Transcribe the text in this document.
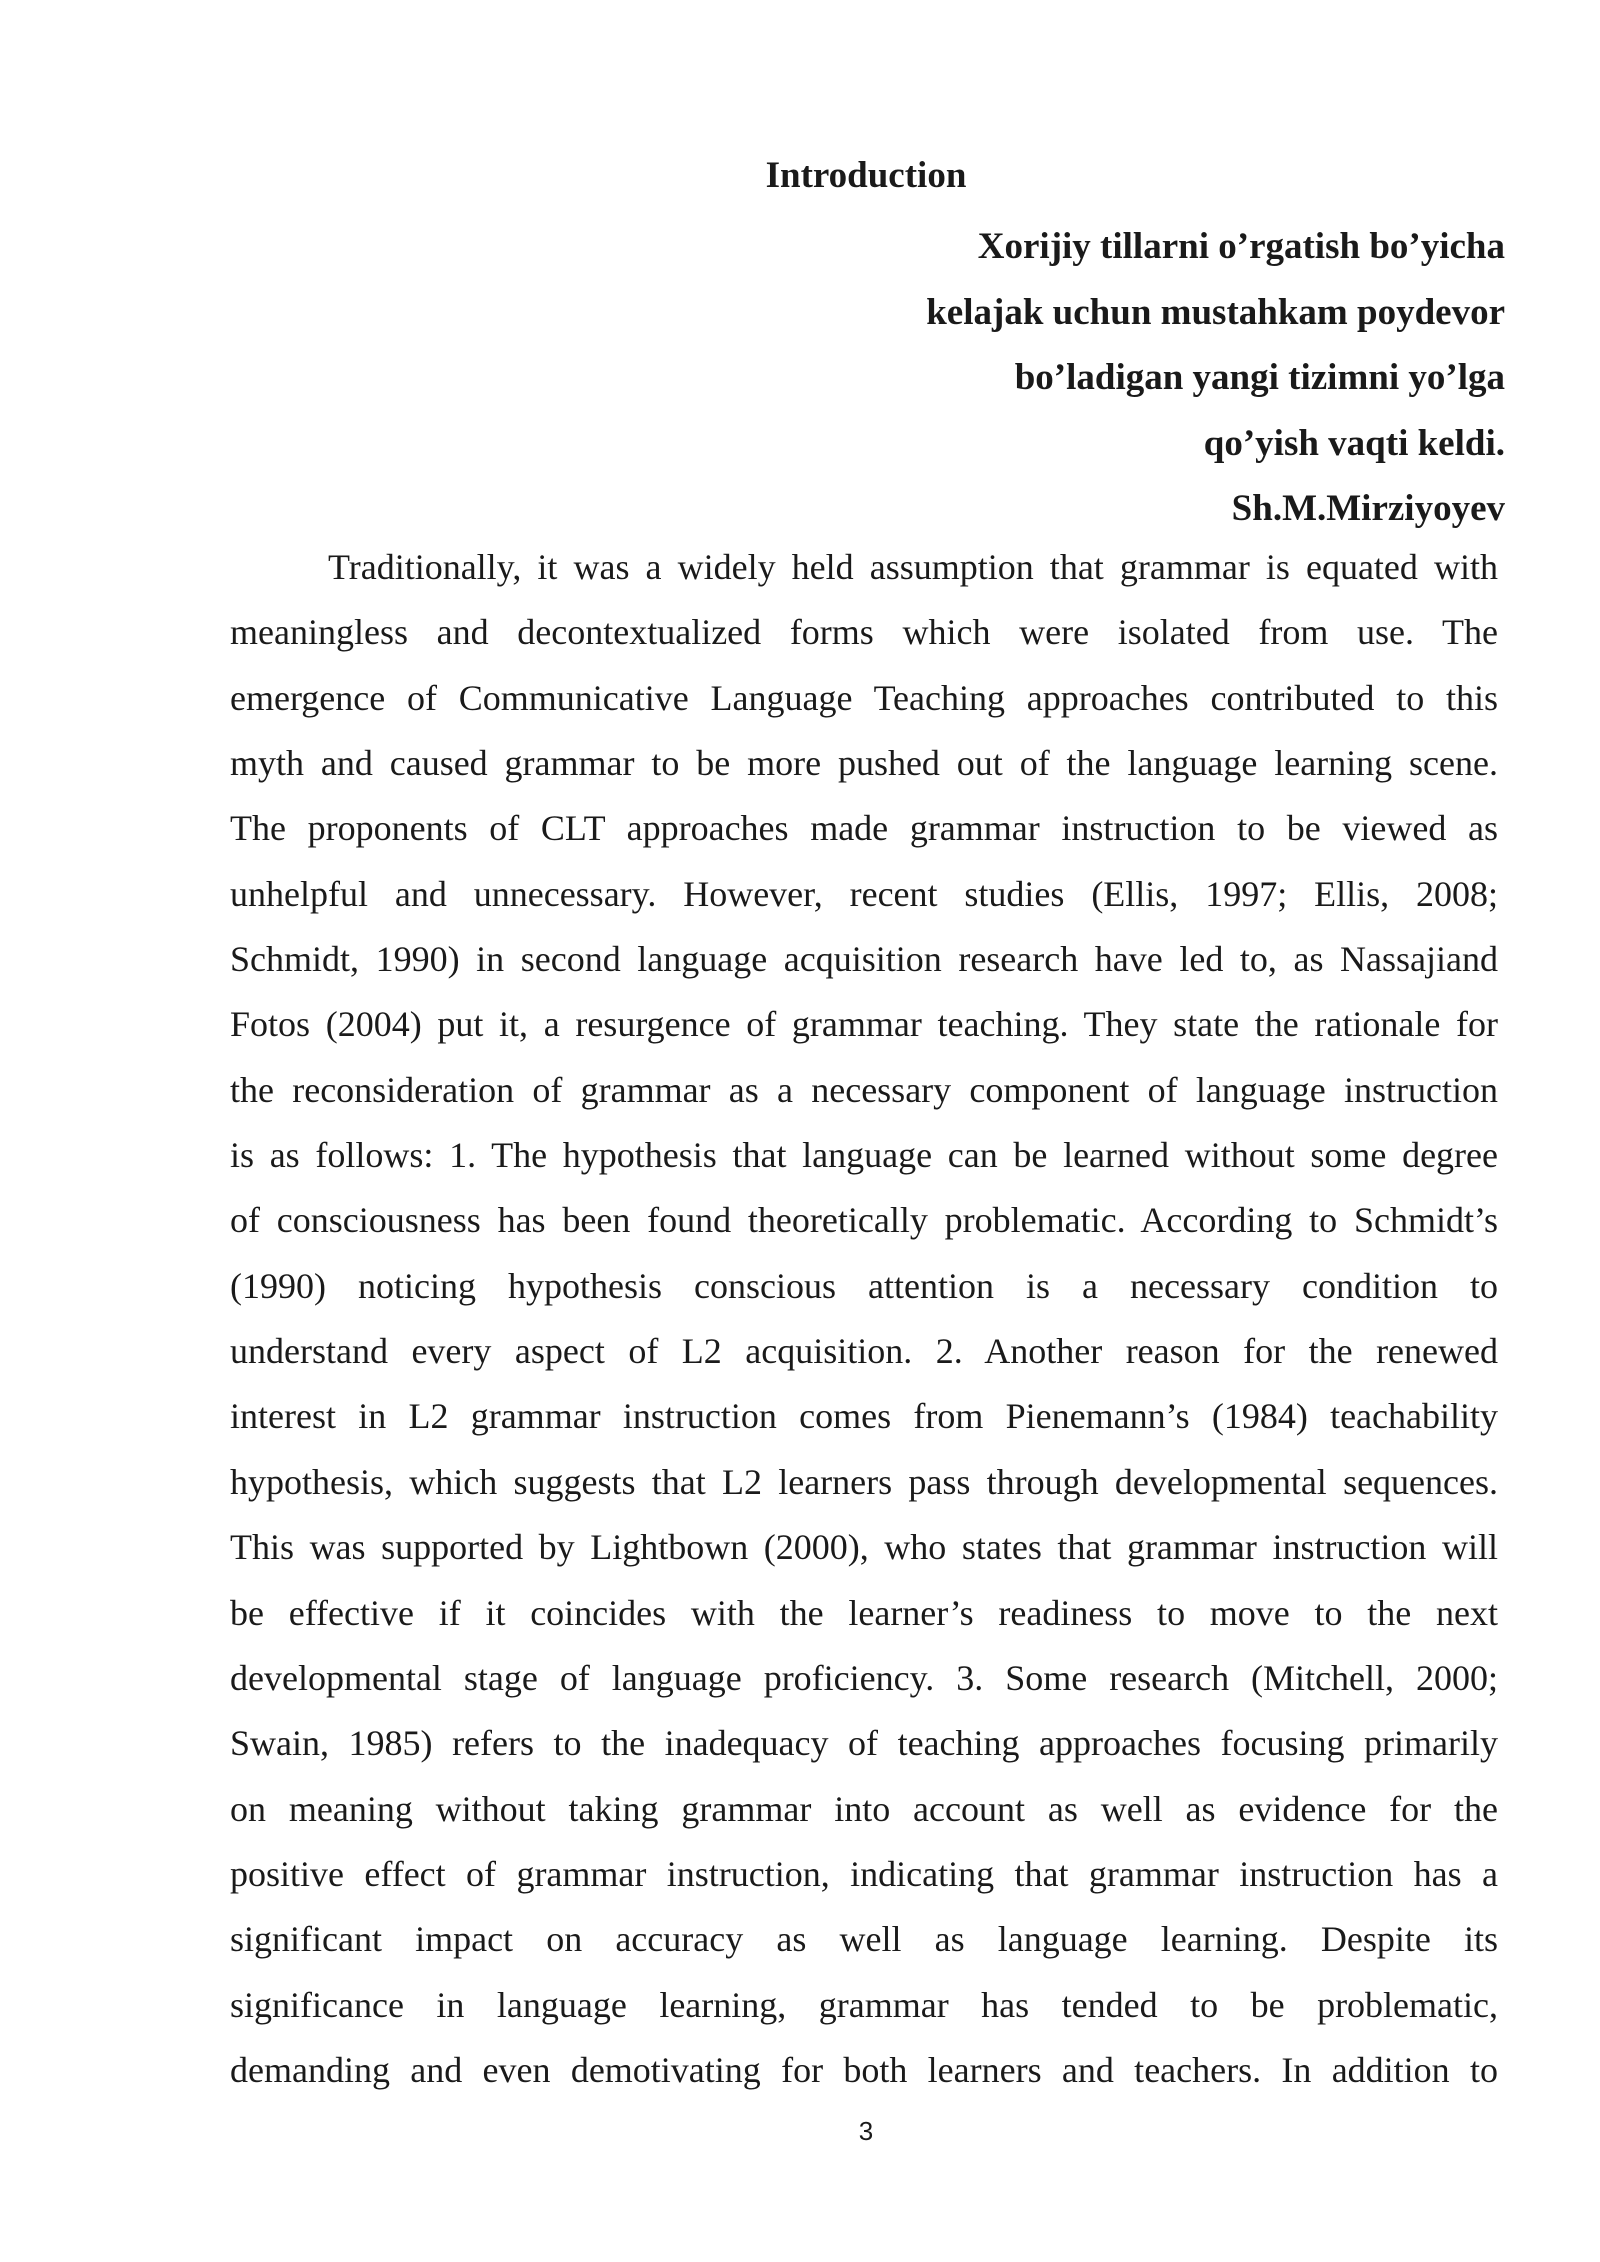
Introduction
Xorijiy tillarni o’rgatish bo’yicha
kelajak uchun mustahkam poydevor
bo’ladigan yangi tizimni yo’lga
qo’yish vaqti keldi.
Sh.M.Mirziyoyev
Traditionally, it was a widely held assumption that grammar is equated with
meaningless and decontextualized forms which were isolated from use. The
emergence of Communicative Language Teaching approaches contributed to this
myth and caused grammar to be more pushed out of the language learning scene.
The proponents of CLT approaches made grammar instruction to be viewed as
unhelpful and unnecessary. However, recent studies (Ellis, 1997; Ellis, 2008;
Schmidt, 1990) in second language acquisition research have led to, as Nassajiand
Fotos (2004) put it, a resurgence of grammar teaching. They state the rationale for
the reconsideration of grammar as a necessary component of language instruction
is as follows: 1. The hypothesis that language can be learned without some degree
of consciousness has been found theoretically problematic. According to Schmidt’s
(1990) noticing hypothesis conscious attention is a necessary condition to
understand every aspect of L2 acquisition. 2. Another reason for the renewed
interest in L2 grammar instruction comes from Pienemann’s (1984) teachability
hypothesis, which suggests that L2 learners pass through developmental sequences.
This was supported by Lightbown (2000), who states that grammar instruction will
be effective if it coincides with the learner’s readiness to move to the next
developmental stage of language proficiency. 3. Some research (Mitchell, 2000;
Swain, 1985) refers to the inadequacy of teaching approaches focusing primarily
on meaning without taking grammar into account as well as evidence for the
positive effect of grammar instruction, indicating that grammar instruction has a
significant impact on accuracy as well as language learning. Despite its
significance in language learning, grammar has tended to be problematic,
demanding and even demotivating for both learners and teachers. In addition to
3
